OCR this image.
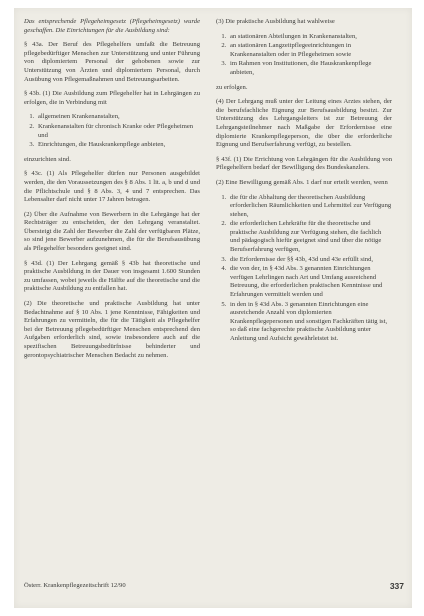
Das entsprechende Pflegeheimgesetz (Pflegeheimgesetz) wurde geschaffen. Die Einrichtungen für die Ausbildung sind:

§ 43a. Der Beruf des Pflegehelfers umfaßt die Betreuung pflegebedürftiger Menschen zur Unterstützung und unter Führung von diplomiertem Personal der gehobenen sowie zur Unterstützung von Ärzten und diplomiertem Personal, durch Ausübung von Pflegemaßnahmen und Betreuungsarbeiten.

§ 43b. (1) Die Ausbildung zum Pflegehelfer hat in Lehrgängen zu erfolgen, die in Verbindung mit

1. allgemeinen Krankenanstalten,
2. Krankenanstalten für chronisch Kranke oder Pflegeheimen und
3. Einrichtungen, die Hauskrankenpflege anbieten,

einzurichten sind.

§ 43c. (1) Als Pflegehelfer dürfen nur Personen ausgebildet werden, die den Voraussetzungen des § 8 Abs. 1 lit. a, b und d und die Pflichtschule und § 8 Abs. 3, 4 und 7 entsprechen. Das Lebensalter darf nicht unter 17 Jahren betragen.

(2) Über die Aufnahme von Bewerbern in die Lehrgänge hat der Rechtsträger zu entscheiden, der den Lehrgang veranstaltet. Übersteigt die Zahl der Bewerber die Zahl der verfügbaren Plätze, so sind jene Bewerber aufzunehmen, die für die Berufsausübung als Pflegehelfer besonders geeignet sind.

§ 43d. (1) Der Lehrgang gemäß § 43b hat theoretische und praktische Ausbildung in der Dauer von insgesamt 1.600 Stunden zu umfassen, wobei jeweils die Hälfte auf die theoretische und die praktische Ausbildung zu entfallen hat.

(2) Die theoretische und praktische Ausbildung hat unter Bedachtnahme auf § 10 Abs. 1 jene Kenntnisse, Fähigkeiten und Erfahrungen zu vermitteln, die für die Tätigkeit als Pflegehelfer bei der Betreuung pflegebedürftiger Menschen entsprechend den Aufgaben erforderlich sind, sowie insbesondere auch auf die spezifischen Betreuungsbedürfnisse behinderter und gerontopsychiatrischer Menschen Bedacht zu nehmen.

(3) Die praktische Ausbildung hat wahlweise

1. an stationären Abteilungen in Krankenanstalten,
2. an stationären Langzeitpflegeeinrichtungen in Krankenanstalten oder in Pflegeheimen sowie
3. im Rahmen von Institutionen, die Hauskrankenpflege anbieten,

zu erfolgen.

(4) Der Lehrgang muß unter der Leitung eines Arztes stehen, der die berufsfachliche Eignung zur Berufsausbildung besitzt. Zur Unterstützung des Lehrgangsleiters ist zur Betreuung der Lehrgangsteilnehmer nach Maßgabe der Erfordernisse eine diplomierte Krankenpflegeperson, die über die erforderliche Eignung und Berufserfahrung verfügt, zu bestellen.

§ 43f. (1) Die Errichtung von Lehrgängen für die Ausbildung von Pflegehelfern bedarf der Bewilligung des Bundeskanzlers.

(2) Eine Bewilligung gemäß Abs. 1 darf nur erteilt werden, wenn

1. die für die Abhaltung der theoretischen Ausbildung erforderlichen Räumlichkeiten und Lehrmittel zur Verfügung stehen,
2. die erforderlichen Lehrkräfte für die theoretische und praktische Ausbildung zur Verfügung stehen, die fachlich und pädagogisch hiefür geeignet sind und über die nötige Berufserfahrung verfügen,
3. die Erfordernisse der §§ 43b, 43d und 43e erfüllt sind,
4. die von der, in § 43d Abs. 3 genannten Einrichtungen verfügen Lehrlingen nach Art und Umfang ausreichend Betreuung, die erforderlichen praktischen Kenntnisse und Erfahrungen vermittelt werden und
5. in den in § 43d Abs. 3 genannten Einrichtungen eine ausreichende Anzahl von diplomierten Krankenpflegepersonen und sonstigen Fachkräften tätig ist, so daß eine fachgerechte praktische Ausbildung unter Anleitung und Aufsicht gewährleistet ist.
Österr. Krankenpflegezeitschrift 12/90	337
